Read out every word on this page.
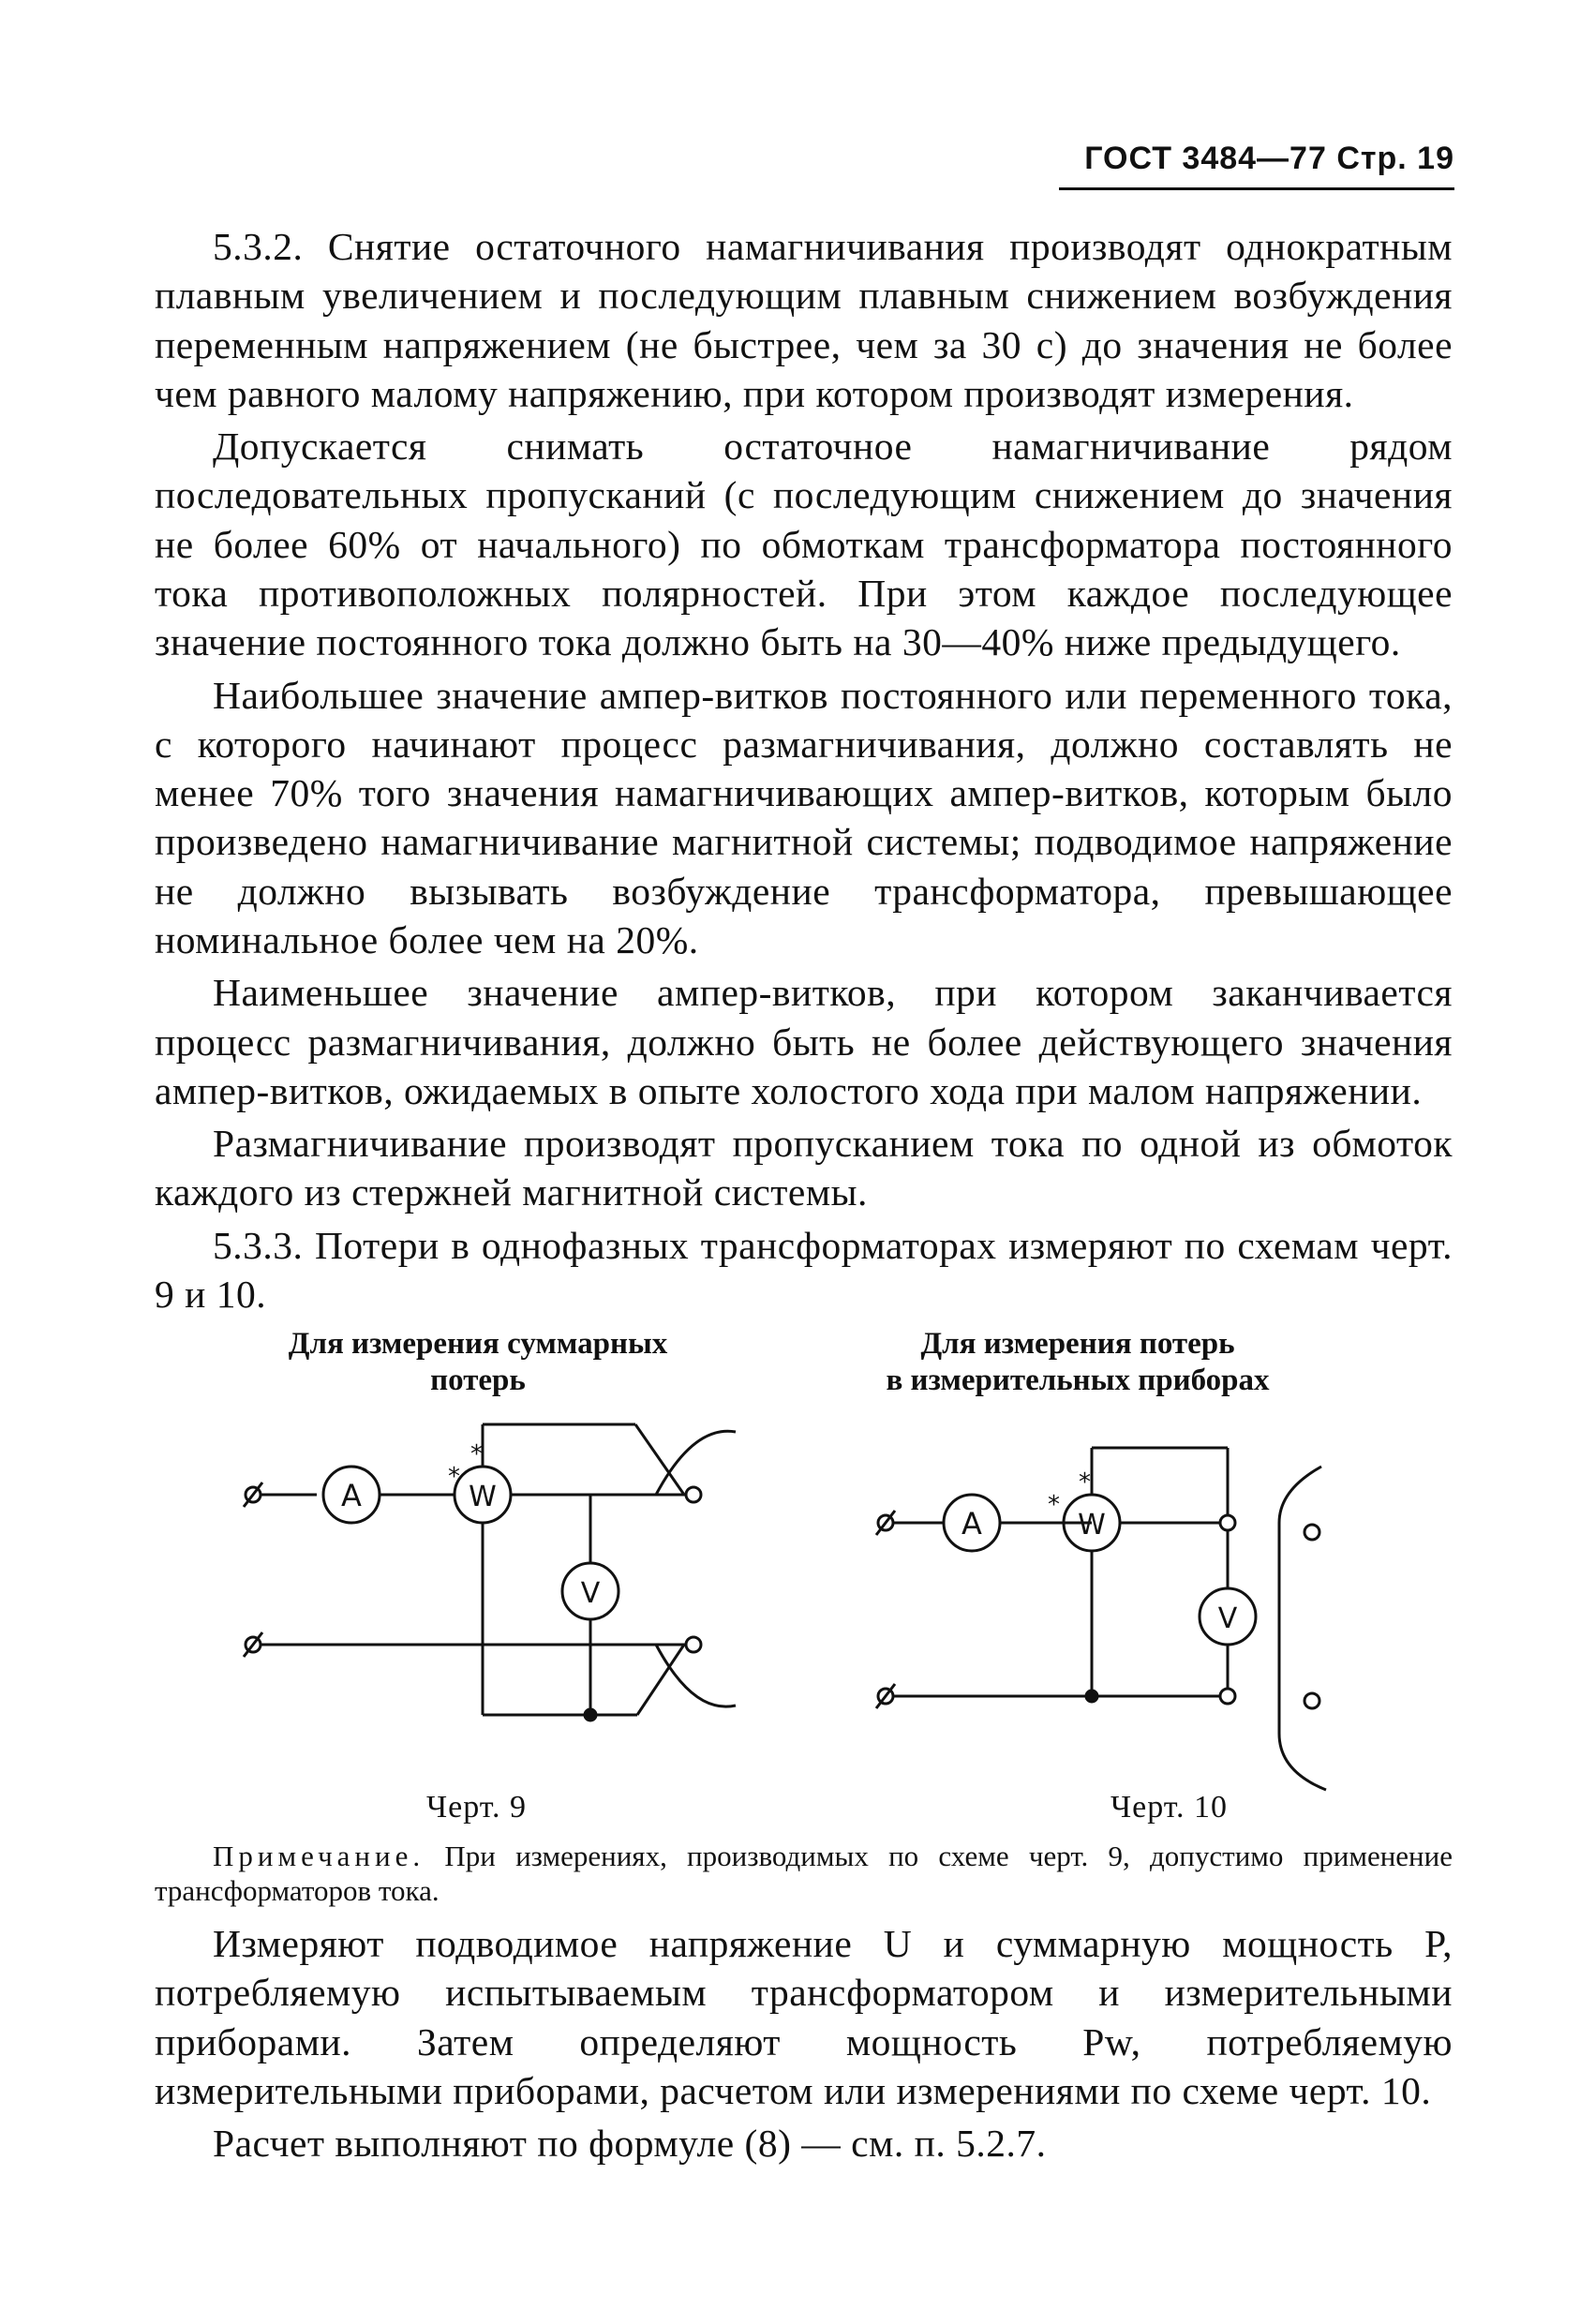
ГОСТ 3484—77 Стр. 19

5.3.2. Снятие остаточного намагничивания производят однократным плавным увеличением и последующим плавным снижением возбуждения переменным напряжением (не быстрее, чем за 30 с) до значения не более чем равного малому напряжению, при котором производят измерения.

Допускается снимать остаточное намагничивание рядом последовательных пропусканий (с последующим снижением до значения не более 60% от начального) по обмоткам трансформатора постоянного тока противоположных полярностей. При этом каждое последующее значение постоянного тока должно быть на 30—40% ниже предыдущего.

Наибольшее значение ампер-витков постоянного или переменного тока, с которого начинают процесс размагничивания, должно составлять не менее 70% того значения намагничивающих ампер-витков, которым было произведено намагничивание магнитной системы; подводимое напряжение не должно вызывать возбуждение трансформатора, превышающее номинальное более чем на 20%.

Наименьшее значение ампер-витков, при котором заканчивается процесс размагничивания, должно быть не более действующего значения ампер-витков, ожидаемых в опыте холостого хода при малом напряжении.

Размагничивание производят пропусканием тока по одной из обмоток каждого из стержней магнитной системы.

5.3.3. Потери в однофазных трансформаторах измеряют по схемам черт. 9 и 10.

Для измерения суммарных
потерь
Для измерения потерь
в измерительных приборах
A	W
*
*
V
A	W
*
*
V
Черт. 9	Черт. 10
Примечание. При измерениях, производимых по схеме черт. 9, допустимо применение трансформаторов тока.

Измеряют подводимое напряжение U и суммарную мощность P, потребляемую испытываемым трансформатором и измерительными приборами. Затем определяют мощность Pw, потребляемую измерительными приборами, расчетом или измерениями по схеме черт. 10.

Расчет выполняют по формуле (8) — см. п. 5.2.7.
